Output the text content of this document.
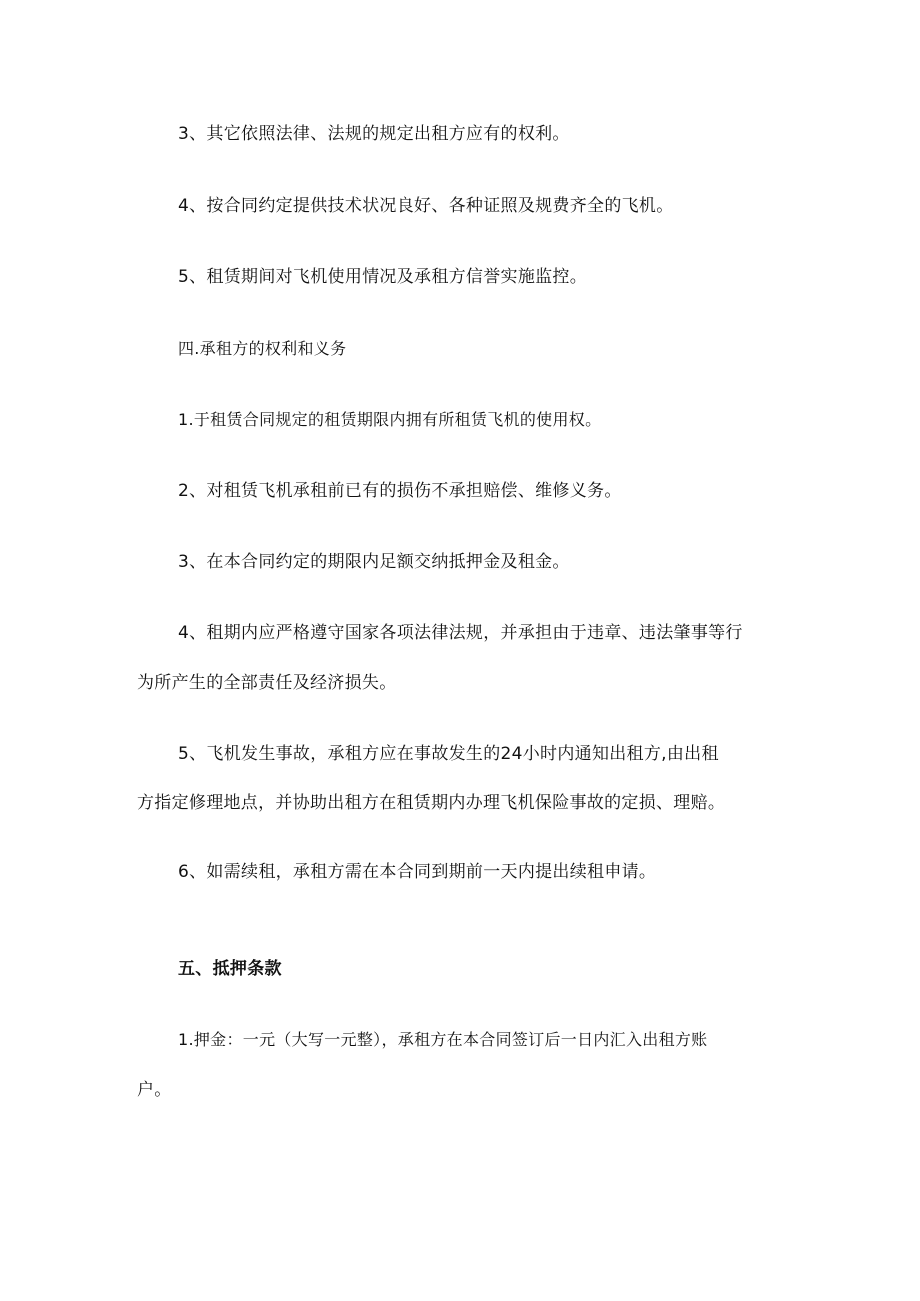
3、其它依照法律、法规的规定出租方应有的权利。
4、按合同约定提供技术状况良好、各种证照及规费齐全的飞机。
5、租赁期间对飞机使用情况及承租方信誉实施监控。
四.承租方的权利和义务
1.于租赁合同规定的租赁期限内拥有所租赁飞机的使用权。
2、对租赁飞机承租前已有的损伤不承担赔偿、维修义务。
3、在本合同约定的期限内足额交纳抵押金及租金。
4、租期内应严格遵守国家各项法律法规，并承担由于违章、违法肇事等行
为所产生的全部责任及经济损失。
5、飞机发生事故，承租方应在事故发生的24小时内通知出租方,由出租
方指定修理地点，并协助出租方在租赁期内办理飞机保险事故的定损、理赔。
6、如需续租，承租方需在本合同到期前一天内提出续租申请。
五、抵押条款
1.押金：一元（大写一元整），承租方在本合同签订后一日内汇入出租方账
户。
